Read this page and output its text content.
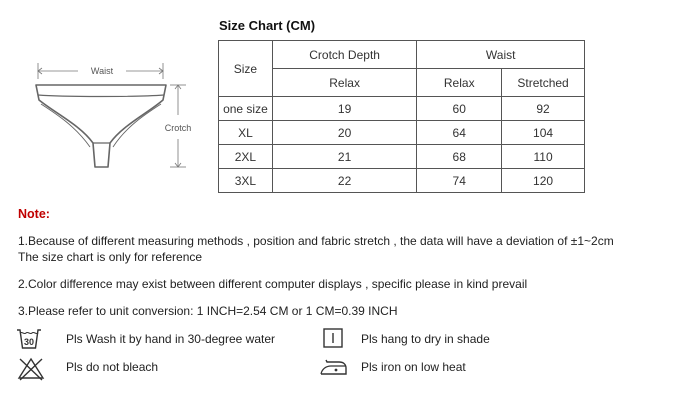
Waist
Crotch
Size Chart (CM)
Size	Crotch Depth	Waist	
	Relax	Relax	Stretched
one size	19	60	92
XL	20	64	104
2XL	21	68	110
3XL	22	74	120
Note:
1.Because of different measuring methods , position and fabric stretch , the data will have a deviation of ±1~2cm
The size chart is only for reference
2.Color difference may exist between different computer displays , specific please in kind prevail
3.Please refer to unit conversion: 1 INCH=2.54 CM or 1 CM=0.39 INCH
30	Pls Wash it by hand in 30-degree water	Pls hang to dry in shade
Pls do not bleach	Pls iron on low heat
